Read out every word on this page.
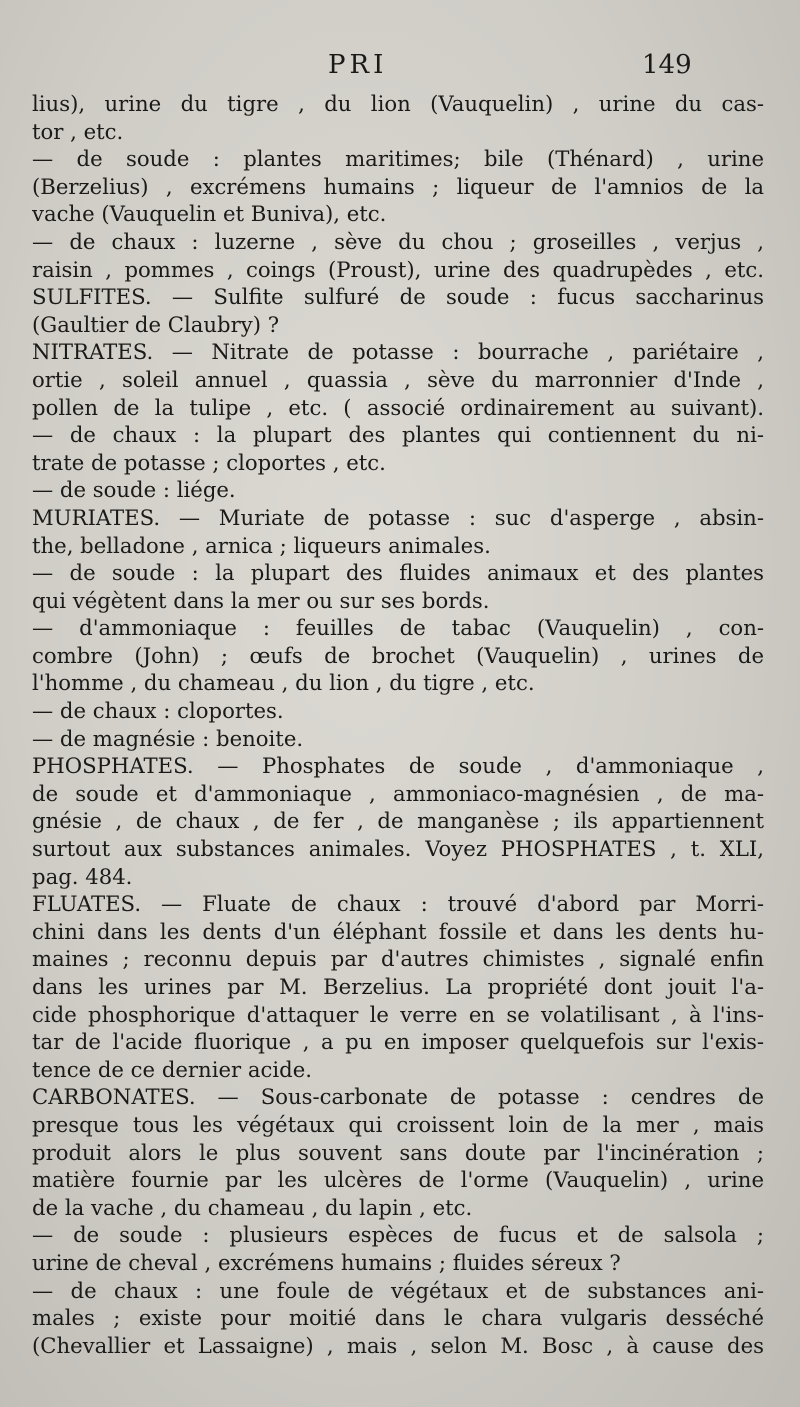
PRI	149
lius), urine du tigre , du lion (Vauquelin) , urine du cas-
tor , etc.
— de soude : plantes maritimes; bile (Thénard) , urine
(Berzelius) , excrémens humains ; liqueur de l'amnios de la
vache (Vauquelin et Buniva), etc.
— de chaux : luzerne , sève du chou ; groseilles , verjus ,
raisin , pommes , coings (Proust), urine des quadrupèdes , etc.
SULFITES. — Sulfite sulfuré de soude : fucus saccharinus
(Gaultier de Claubry) ?
NITRATES. — Nitrate de potasse : bourrache , pariétaire ,
ortie , soleil annuel , quassia , sève du marronnier d'Inde ,
pollen de la tulipe , etc. ( associé ordinairement au suivant).
— de chaux : la plupart des plantes qui contiennent du ni-
trate de potasse ; cloportes , etc.
— de soude : liége.
MURIATES. — Muriate de potasse : suc d'asperge , absin-
the, belladone , arnica ; liqueurs animales.
— de soude : la plupart des fluides animaux et des plantes
qui végètent dans la mer ou sur ses bords.
— d'ammoniaque : feuilles de tabac (Vauquelin) , con-
combre (John) ; œufs de brochet (Vauquelin) , urines de
l'homme , du chameau , du lion , du tigre , etc.
— de chaux : cloportes.
— de magnésie : benoite.
PHOSPHATES. — Phosphates de soude , d'ammoniaque ,
de soude et d'ammoniaque , ammoniaco-magnésien , de ma-
gnésie , de chaux , de fer , de manganèse ; ils appartiennent
surtout aux substances animales. Voyez PHOSPHATES , t. XLI,
pag. 484.
FLUATES. — Fluate de chaux : trouvé d'abord par Morri-
chini dans les dents d'un éléphant fossile et dans les dents hu-
maines ; reconnu depuis par d'autres chimistes , signalé enfin
dans les urines par M. Berzelius. La propriété dont jouit l'a-
cide phosphorique d'attaquer le verre en se volatilisant , à l'ins-
tar de l'acide fluorique , a pu en imposer quelquefois sur l'exis-
tence de ce dernier acide.
CARBONATES. — Sous-carbonate de potasse : cendres de
presque tous les végétaux qui croissent loin de la mer , mais
produit alors le plus souvent sans doute par l'incinération ;
matière fournie par les ulcères de l'orme (Vauquelin) , urine
de la vache , du chameau , du lapin , etc.
— de soude : plusieurs espèces de fucus et de salsola ;
urine de cheval , excrémens humains ; fluides séreux ?
— de chaux : une foule de végétaux et de substances ani-
males ; existe pour moitié dans le chara vulgaris desséché
(Chevallier et Lassaigne) , mais , selon M. Bosc , à cause des
